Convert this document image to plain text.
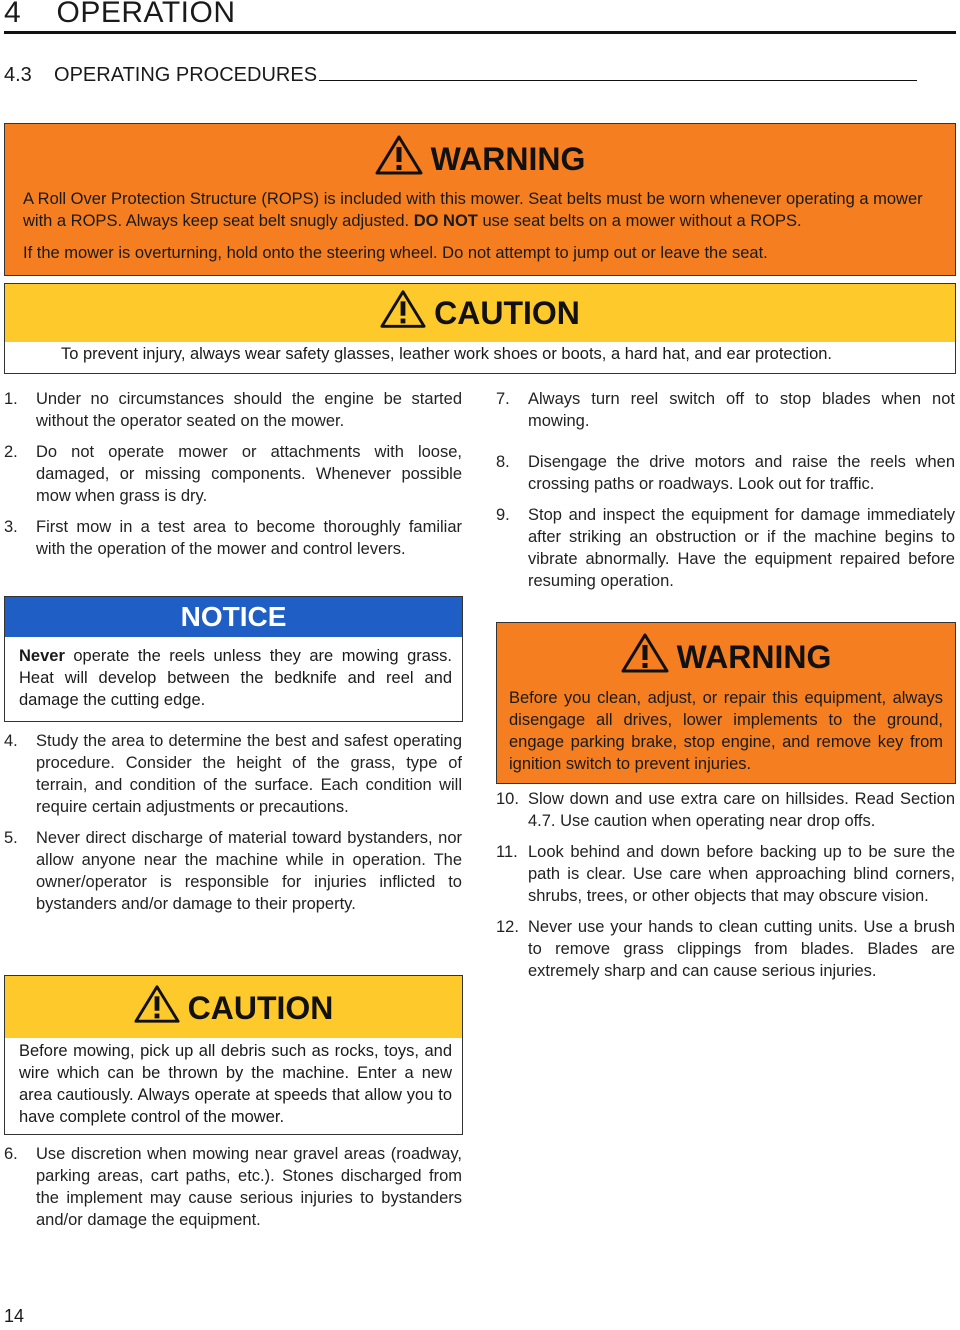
4    OPERATION
4.3    OPERATING PROCEDURES
WARNING
A Roll Over Protection Structure (ROPS) is included with this mower. Seat belts must be worn whenever operating a mower with a ROPS. Always keep seat belt snugly adjusted. DO NOT use seat belts on a mower without a ROPS.
If the mower is overturning, hold onto the steering wheel. Do not attempt to jump out or leave the seat.
CAUTION
To prevent injury, always wear safety glasses, leather work shoes or boots, a hard hat, and ear protection.
1. Under no circumstances should the engine be started without the operator seated on the mower.
2. Do not operate mower or attachments with loose, damaged, or missing components. Whenever possible mow when grass is dry.
3. First mow in a test area to become thoroughly familiar with the operation of the mower and control levers.
NOTICE
Never operate the reels unless they are mowing grass. Heat will develop between the bedknife and reel and damage the cutting edge.
4. Study the area to determine the best and safest operating procedure. Consider the height of the grass, type of terrain, and condition of the surface. Each condition will require certain adjustments or precautions.
5. Never direct discharge of material toward bystanders, nor allow anyone near the machine while in operation. The owner/operator is responsible for injuries inflicted to bystanders and/or damage to their property.
CAUTION
Before mowing, pick up all debris such as rocks, toys, and wire which can be thrown by the machine. Enter a new area cautiously. Always operate at speeds that allow you to have complete control of the mower.
6. Use discretion when mowing near gravel areas (roadway, parking areas, cart paths, etc.). Stones discharged from the implement may cause serious injuries to bystanders and/or damage the equipment.
7. Always turn reel switch off to stop blades when not mowing.
8. Disengage the drive motors and raise the reels when crossing paths or roadways. Look out for traffic.
9. Stop and inspect the equipment for damage immediately after striking an obstruction or if the machine begins to vibrate abnormally. Have the equipment repaired before resuming operation.
WARNING
Before you clean, adjust, or repair this equipment, always disengage all drives, lower implements to the ground, engage parking brake, stop engine, and remove key from ignition switch to prevent injuries.
10. Slow down and use extra care on hillsides. Read Section 4.7. Use caution when operating near drop offs.
11. Look behind and down before backing up to be sure the path is clear. Use care when approaching blind corners, shrubs, trees, or other objects that may obscure vision.
12. Never use your hands to clean cutting units. Use a brush to remove grass clippings from blades. Blades are extremely sharp and can cause serious injuries.
14
